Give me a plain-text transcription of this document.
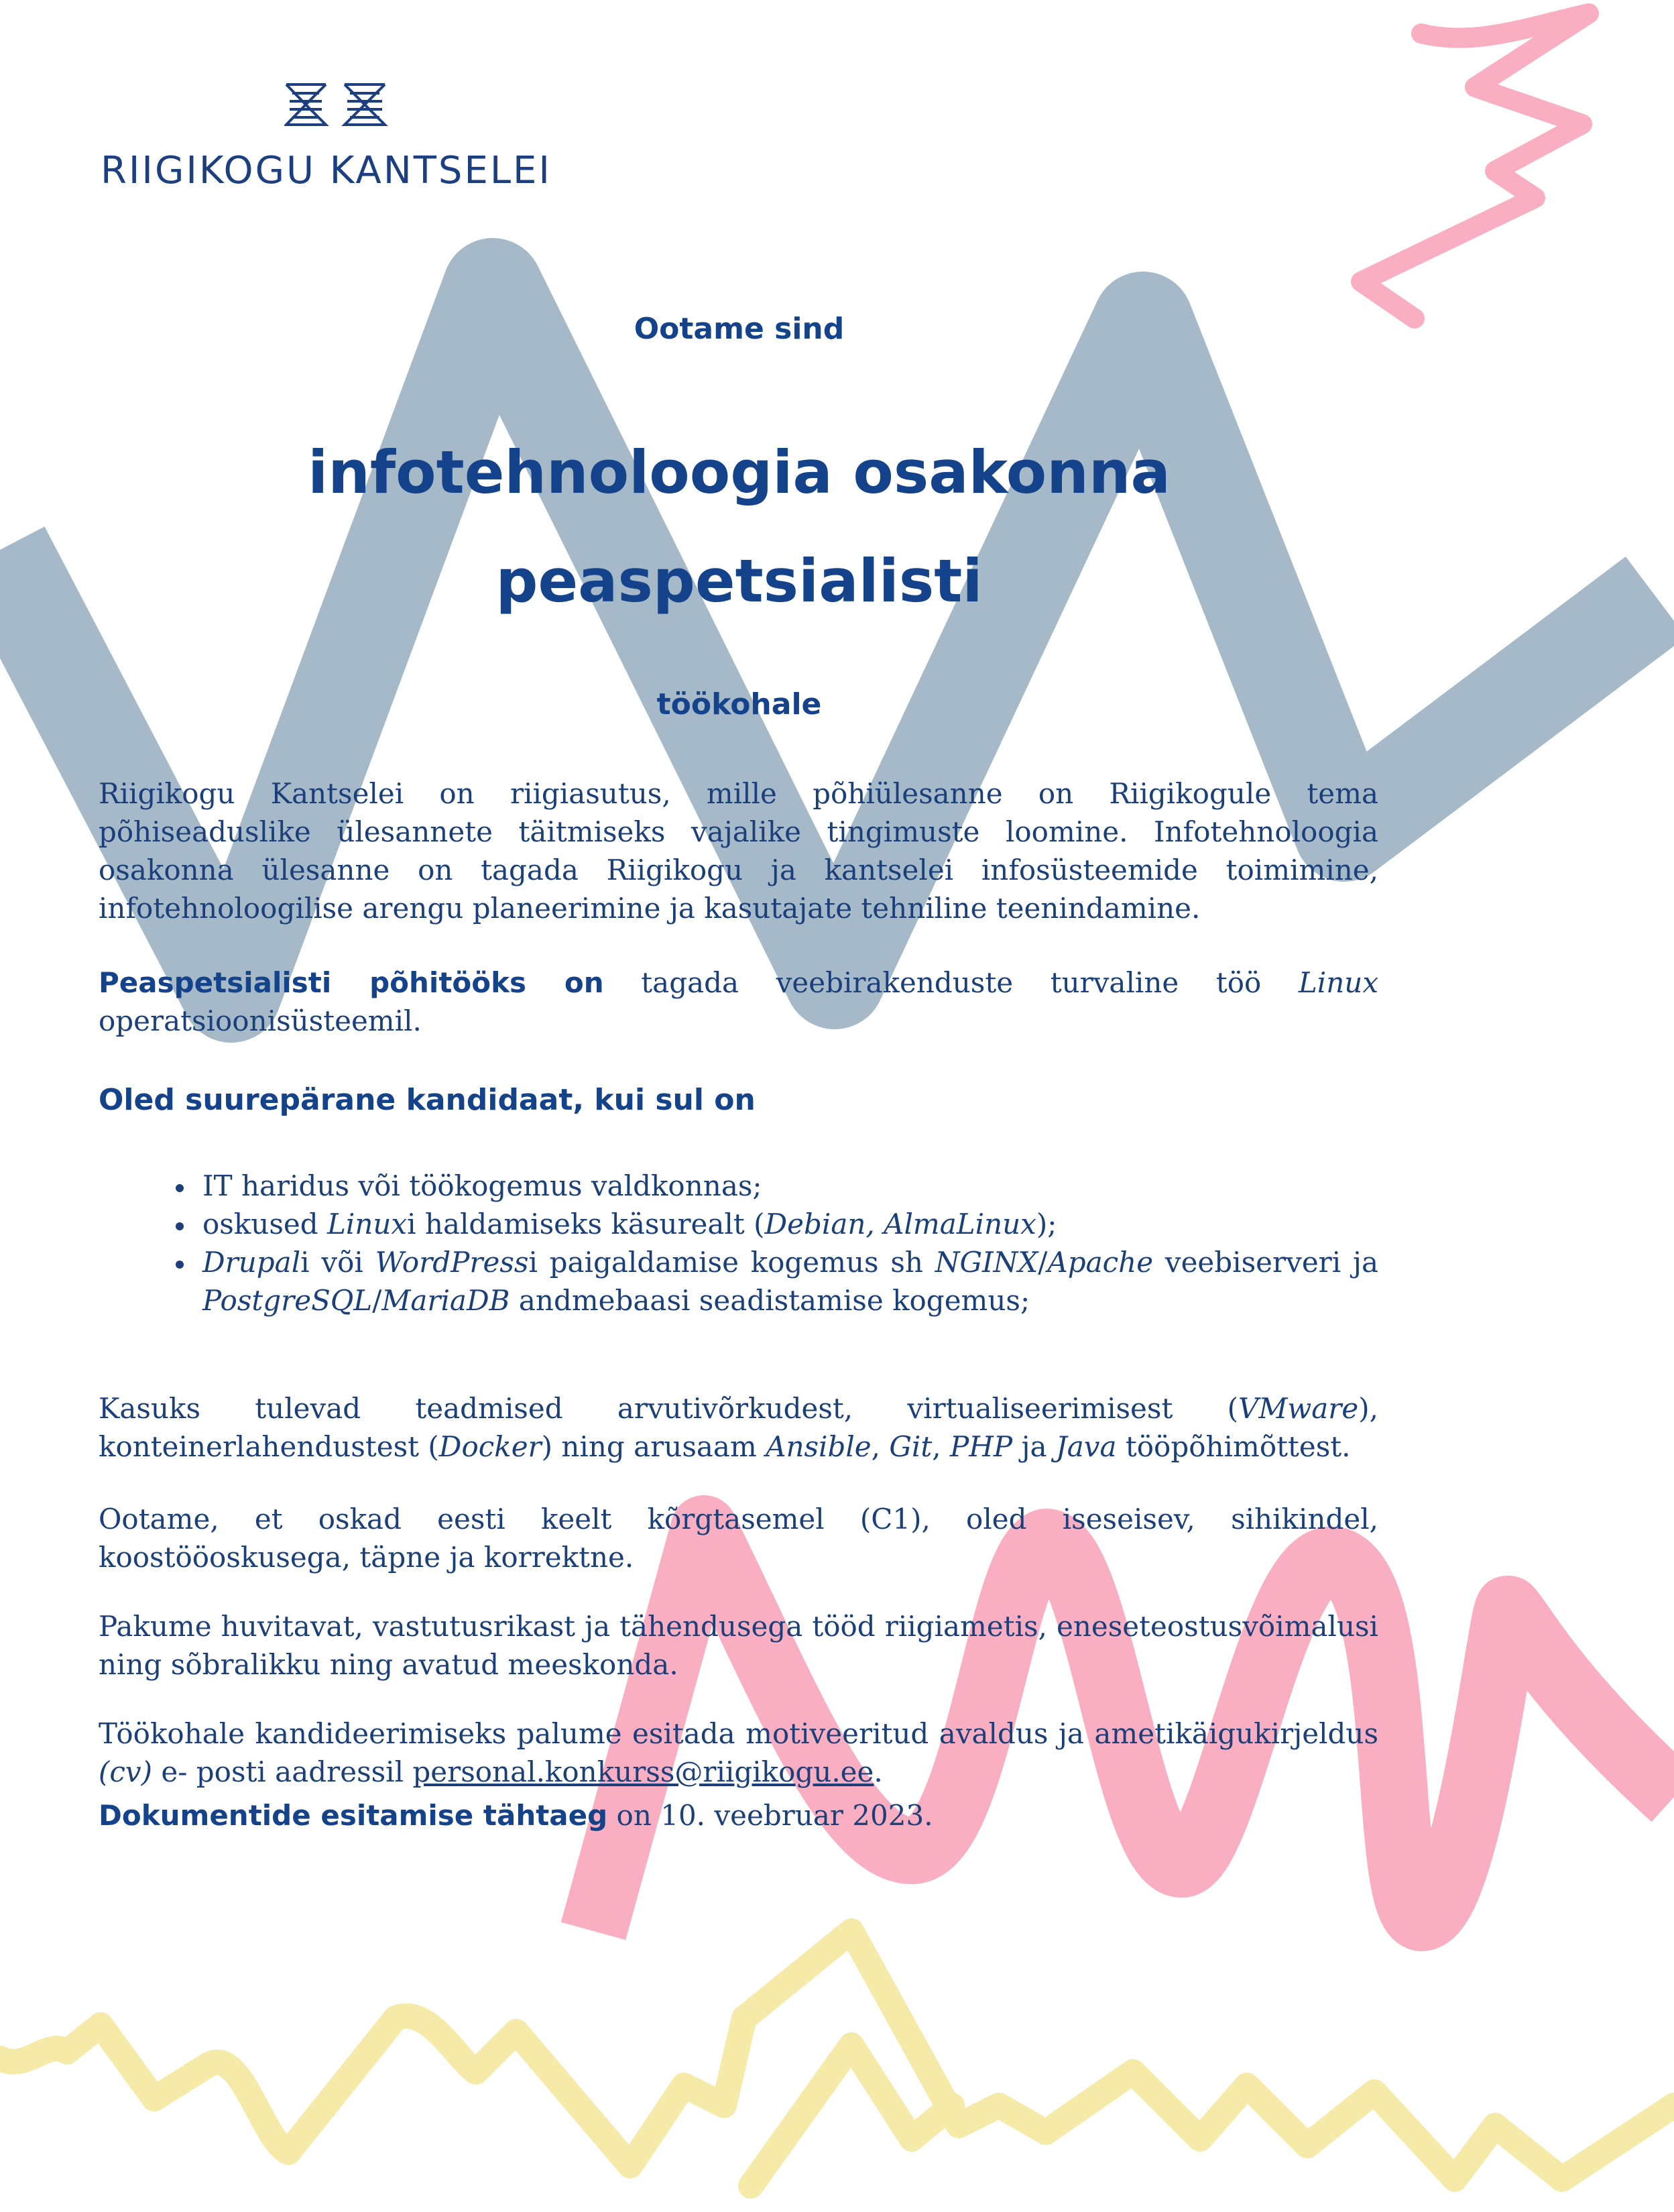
RIIGIKOGU KANTSELEI
Ootame sind
infotehnoloogia osakonna
peaspetsialisti
töökohale
Riigikogu Kantselei on riigiasutus, mille põhiülesanne on Riigikogule tema põhiseaduslike ülesannete täitmiseks vajalike tingimuste loomine. Infotehnoloogia osakonna ülesanne on tagada Riigikogu ja kantselei infosüsteemide toimimine, infotehnoloogilise arengu planeerimine ja kasutajate tehniline teenindamine.
Peaspetsialisti põhitööks on tagada veebirakenduste turvaline töö Linux operatsioonisüsteemil.
Oled suurepärane kandidaat, kui sul on
IT haridus või töökogemus valdkonnas;
oskused Linuxi haldamiseks käsurealt (Debian, AlmaLinux);
Drupali või WordPressi paigaldamise kogemus sh NGINX/Apache veebiserveri ja PostgreSQL/MariaDB andmebaasi seadistamise kogemus;
Kasuks tulevad teadmised arvutivõrkudest, virtualiseerimisest (VMware), konteinerlahendustest (Docker) ning arusaam Ansible, Git, PHP ja Java tööpõhimõttest.
Ootame, et oskad eesti keelt kõrgtasemel (C1), oled iseseisev, sihikindel, koostööoskusega, täpne ja korrektne.
Pakume huvitavat, vastutusrikast ja tähendusega tööd riigiametis, eneseteostusvõimalusi ning sõbralikku ning avatud meeskonda.
Töökohale kandideerimiseks palume esitada motiveeritud avaldus ja ametikäigukirjeldus (cv) e- posti aadressil personal.konkurss@riigikogu.ee.
Dokumentide esitamise tähtaeg on 10. veebruar 2023.
